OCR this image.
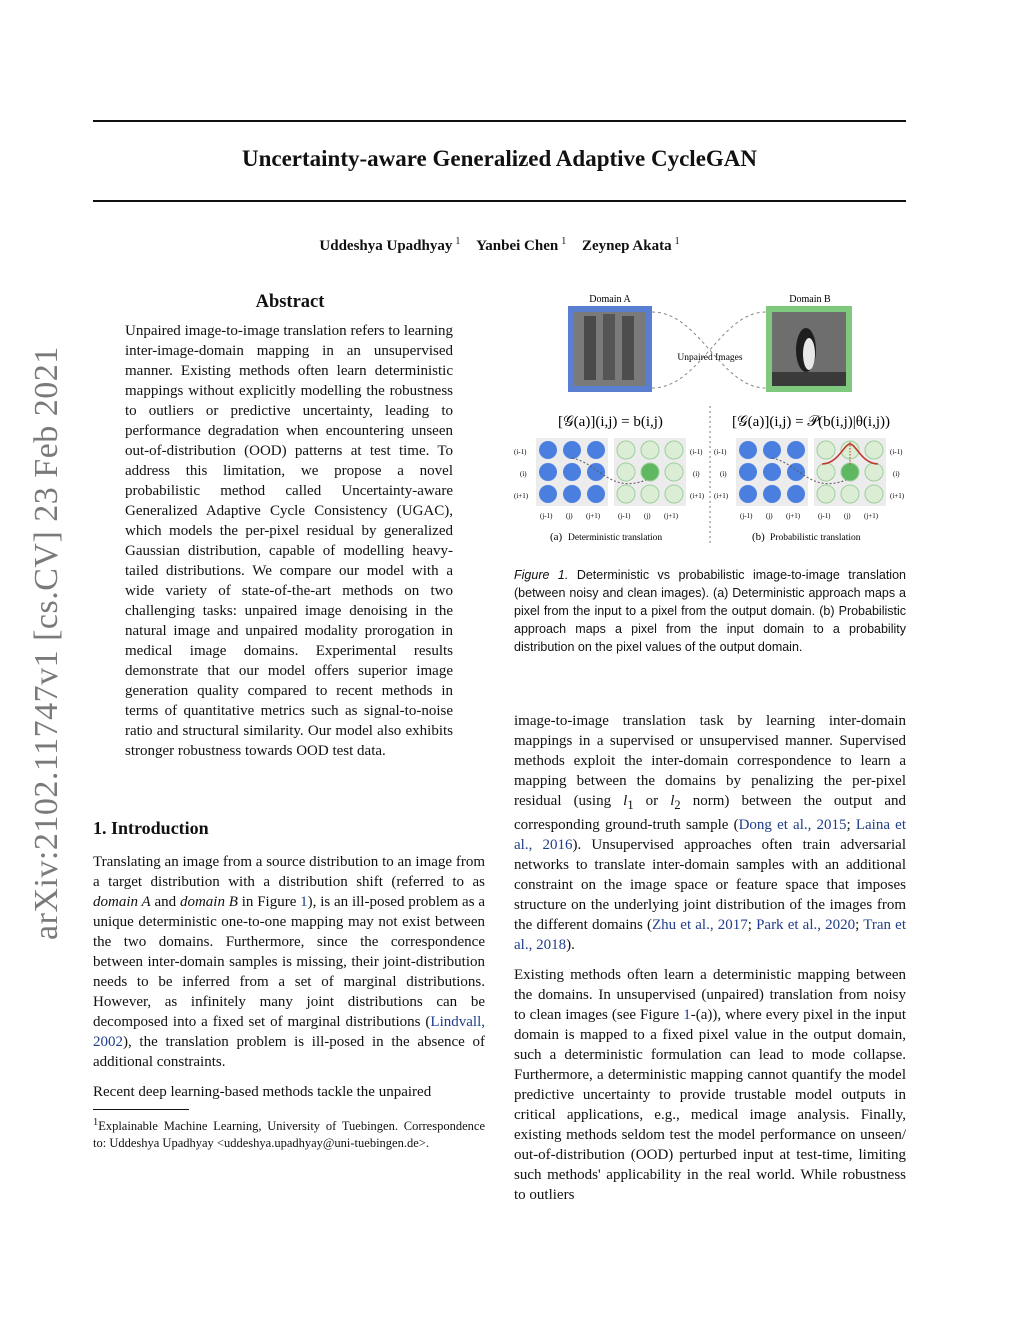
Uncertainty-aware Generalized Adaptive CycleGAN
Uddeshya Upadhyay $^1$ Yanbei Chen $^1$ Zeynep Akata $^1$
arXiv:2102.11747v1 [cs.CV] 23 Feb 2021
Abstract
Unpaired image-to-image translation refers to learning inter-image-domain mapping in an unsupervised manner. Existing methods often learn deterministic mappings without explicitly modelling the robustness to outliers or predictive uncertainty, leading to performance degradation when encountering unseen out-of-distribution (OOD) patterns at test time. To address this limitation, we propose a novel probabilistic method called Uncertainty-aware Generalized Adaptive Cycle Consistency (UGAC), which models the per-pixel residual by generalized Gaussian distribution, capable of modelling heavy-tailed distributions. We compare our model with a wide variety of state-of-the-art methods on two challenging tasks: unpaired image denoising in the natural image and unpaired modality prorogation in medical image domains. Experimental results demonstrate that our model offers superior image generation quality compared to recent methods in terms of quantitative metrics such as signal-to-noise ratio and structural similarity. Our model also exhibits stronger robustness towards OOD test data.
1. Introduction

Translating an image from a source distribution to an image from a target distribution with a distribution shift (referred to as domain A and domain B in Figure 1), is an ill-posed problem as a unique deterministic one-to-one mapping may not exist between the two domains. Furthermore, since the correspondence between inter-domain samples is missing, their joint-distribution needs to be inferred from a set of marginal distributions. However, as infinitely many joint distributions can be decomposed into a fixed set of marginal distributions (Lindvall, 2002), the translation problem is ill-posed in the absence of additional constraints.

Recent deep learning-based methods tackle the unpaired

$^1$Explainable Machine Learning, University of Tuebingen. Correspondence to: Uddeshya Upadhyay <uddeshya.upadhyay@uni-tuebingen.de>.
Domain A	Domain B
Unpaired Images
[𝒢(a)](i,j) = b(i,j)	[𝒢(a)](i,j) = 𝒫(b(i,j)|θ(i,j))
(i-1)
(i)
(i+1)
(i-1)
(i)
(i+1)
(j-1) (j) (j+1)	(j-1) (j) (j+1)
(a) Deterministic translation
(i-1)
(i)
(i+1)
(i-1)
(i)
(i+1)
(j-1) (j) (j+1)	(j-1) (j) (j+1)
(b) Probabilistic translation
Figure 1. Deterministic vs probabilistic image-to-image translation (between noisy and clean images). (a) Deterministic approach maps a pixel from the input to a pixel from the output domain. (b) Probabilistic approach maps a pixel from the input domain to a probability distribution on the pixel values of the output domain.

image-to-image translation task by learning inter-domain mappings in a supervised or unsupervised manner. Supervised methods exploit the inter-domain correspondence to learn a mapping between the domains by penalizing the per-pixel residual (using $l_1$ or $l_2$ norm) between the output and corresponding ground-truth sample (Dong et al., 2015; Laina et al., 2016). Unsupervised approaches often train adversarial networks to translate inter-domain samples with an additional constraint on the image space or feature space that imposes structure on the underlying joint distribution of the images from the different domains (Zhu et al., 2017; Park et al., 2020; Tran et al., 2018).

Existing methods often learn a deterministic mapping between the domains. In unsupervised (unpaired) translation from noisy to clean images (see Figure 1-(a)), where every pixel in the input domain is mapped to a fixed pixel value in the output domain, such a deterministic formulation can lead to mode collapse. Furthermore, a deterministic mapping cannot quantify the model predictive uncertainty to provide trustable model outputs in critical applications, e.g., medical image analysis. Finally, existing methods seldom test the model performance on unseen/ out-of-distribution (OOD) perturbed input at test-time, limiting such methods' applicability in the real world. While robustness to outliers
